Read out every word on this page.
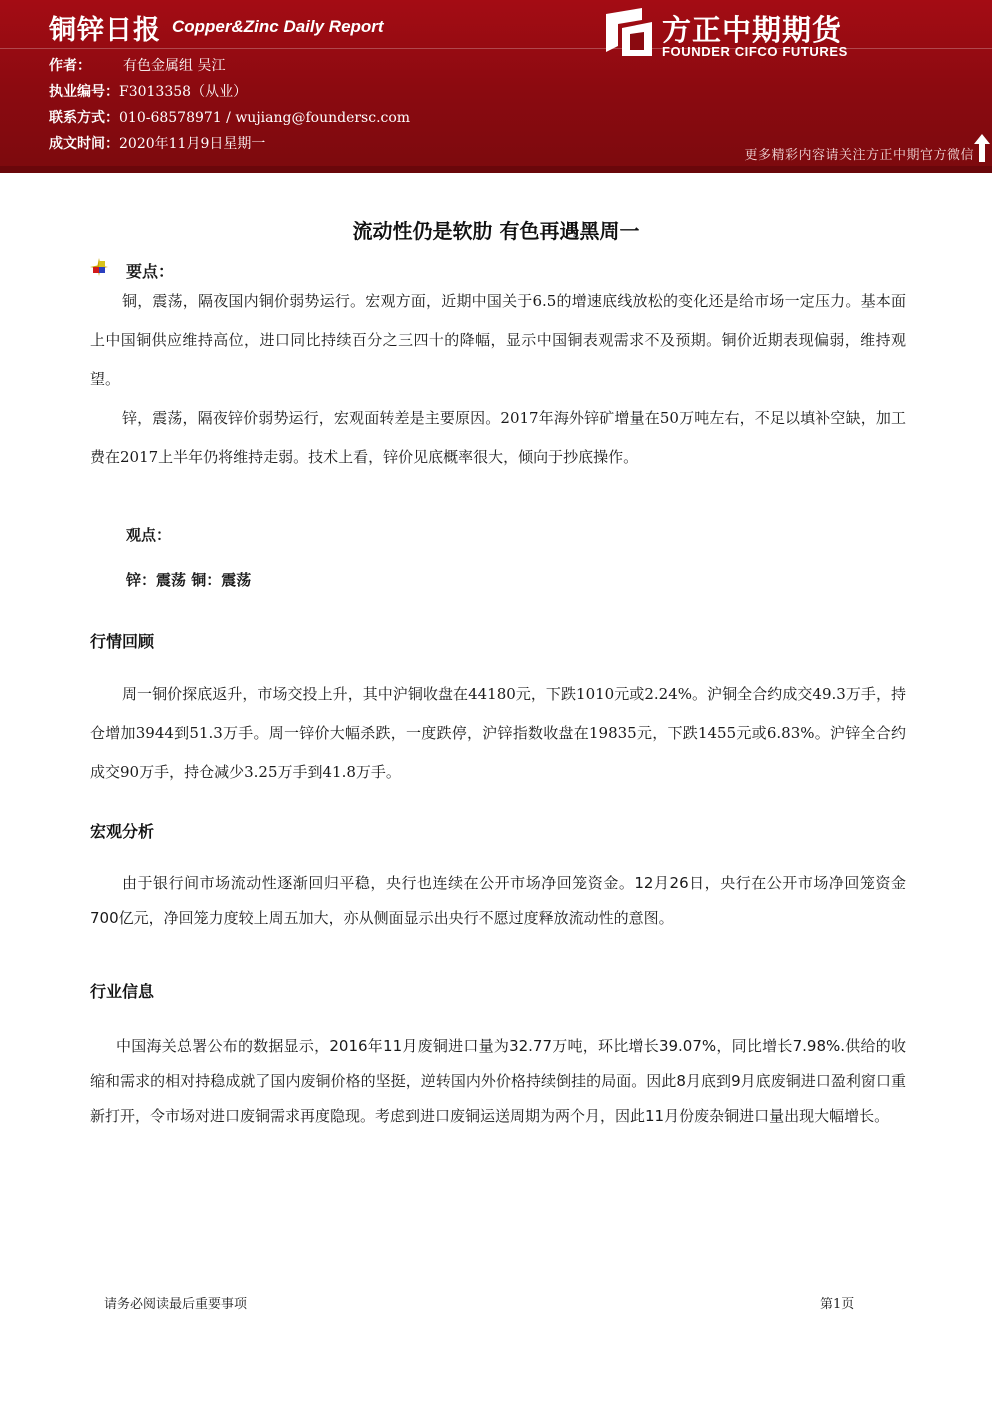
铜锌日报 Copper&Zinc Daily Report
作者： 有色金属组 吴江
执业编号：F3013358（从业）
联系方式：010-68578971 / wujiang@foundersc.com
成文时间：2020年11月9日星期一
方正中期期货
FOUNDER CIFCO FUTURES
更多精彩内容请关注方正中期官方微信
流动性仍是软肋 有色再遇黑周一
要点：

铜，震荡，隔夜国内铜价弱势运行。宏观方面，近期中国关于6.5的增速底线放松的变化还是给市场一定压力。基本面上中国铜供应维持高位，进口同比持续百分之三四十的降幅，显示中国铜表观需求不及预期。铜价近期表现偏弱，维持观望。

锌，震荡，隔夜锌价弱势运行，宏观面转差是主要原因。2017年海外锌矿增量在50万吨左右，不足以填补空缺，加工费在2017上半年仍将维持走弱。技术上看，锌价见底概率很大，倾向于抄底操作。

观点：
锌：震荡 铜：震荡
行情回顾

周一铜价探底返升，市场交投上升，其中沪铜收盘在44180元，下跌1010元或2.24%。沪铜全合约成交49.3万手，持仓增加3944到51.3万手。周一锌价大幅杀跌，一度跌停，沪锌指数收盘在19835元，下跌1455元或6.83%。沪锌全合约成交90万手，持仓减少3.25万手到41.8万手。

宏观分析

由于银行间市场流动性逐渐回归平稳，央行也连续在公开市场净回笼资金。12月26日，央行在公开市场净回笼资金700亿元，净回笼力度较上周五加大，亦从侧面显示出央行不愿过度释放流动性的意图。

行业信息

中国海关总署公布的数据显示，2016年11月废铜进口量为32.77万吨，环比增长39.07%，同比增长7.98%.供给的收缩和需求的相对持稳成就了国内废铜价格的坚挺，逆转国内外价格持续倒挂的局面。因此8月底到9月底废铜进口盈利窗口重新打开，令市场对进口废铜需求再度隐现。考虑到进口废铜运送周期为两个月，因此11月份废杂铜进口量出现大幅增长。

请务必阅读最后重要事项	第1页
